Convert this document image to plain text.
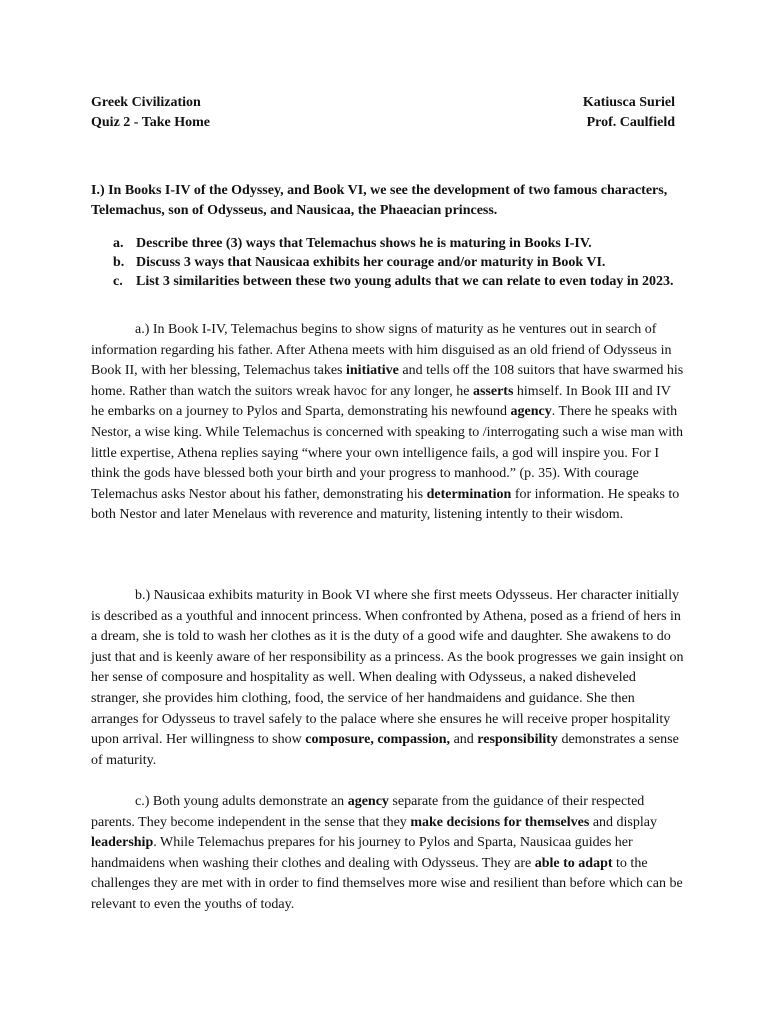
Greek Civilization	Katiusca Suriel
Quiz 2 - Take Home	Prof. Caulfield
I.) In Books I-IV of the Odyssey, and Book VI, we see the development of two famous characters, Telemachus, son of Odysseus, and Nausicaa, the Phaeacian princess.
a. Describe three (3) ways that Telemachus shows he is maturing in Books I-IV.
b. Discuss 3 ways that Nausicaa exhibits her courage and/or maturity in Book VI.
c. List 3 similarities between these two young adults that we can relate to even today in 2023.

a.) In Book I-IV, Telemachus begins to show signs of maturity as he ventures out in search of information regarding his father. After Athena meets with him disguised as an old friend of Odysseus in Book II, with her blessing, Telemachus takes initiative and tells off the 108 suitors that have swarmed his home. Rather than watch the suitors wreak havoc for any longer, he asserts himself. In Book III and IV he embarks on a journey to Pylos and Sparta, demonstrating his newfound agency. There he speaks with Nestor, a wise king. While Telemachus is concerned with speaking to /interrogating such a wise man with little expertise, Athena replies saying “where your own intelligence fails, a god will inspire you. For I think the gods have blessed both your birth and your progress to manhood.” (p. 35). With courage Telemachus asks Nestor about his father, demonstrating his determination for information. He speaks to both Nestor and later Menelaus with reverence and maturity, listening intently to their wisdom.

b.) Nausicaa exhibits maturity in Book VI where she first meets Odysseus. Her character initially is described as a youthful and innocent princess. When confronted by Athena, posed as a friend of hers in a dream, she is told to wash her clothes as it is the duty of a good wife and daughter. She awakens to do just that and is keenly aware of her responsibility as a princess. As the book progresses we gain insight on her sense of composure and hospitality as well. When dealing with Odysseus, a naked disheveled stranger, she provides him clothing, food, the service of her handmaidens and guidance. She then arranges for Odysseus to travel safely to the palace where she ensures he will receive proper hospitality upon arrival. Her willingness to show composure, compassion, and responsibility demonstrates a sense of maturity.

c.) Both young adults demonstrate an agency separate from the guidance of their respected parents. They become independent in the sense that they make decisions for themselves and display leadership. While Telemachus prepares for his journey to Pylos and Sparta, Nausicaa guides her handmaidens when washing their clothes and dealing with Odysseus. They are able to adapt to the challenges they are met with in order to find themselves more wise and resilient than before which can be relevant to even the youths of today.
